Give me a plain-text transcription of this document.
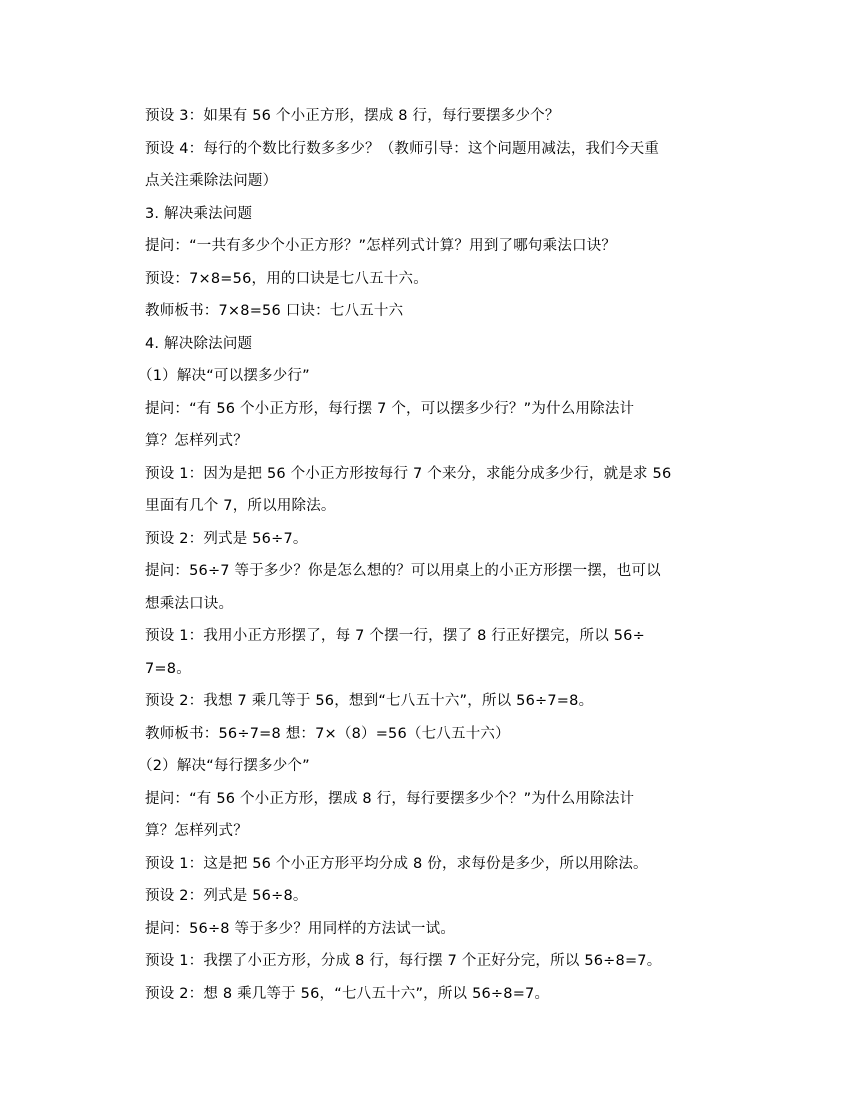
预设 3：如果有 56 个小正方形，摆成 8 行，每行要摆多少个？
预设 4：每行的个数比行数多多少？（教师引导：这个问题用减法，我们今天重
点关注乘除法问题）
3. 解决乘法问题
提问：“一共有多少个小正方形？”怎样列式计算？用到了哪句乘法口诀？
预设：7×8=56，用的口诀是七八五十六。
教师板书：7×8=56 口诀：七八五十六
4. 解决除法问题
（1）解决“可以摆多少行”
提问：“有 56 个小正方形，每行摆 7 个，可以摆多少行？”为什么用除法计
算？怎样列式？
预设 1：因为是把 56 个小正方形按每行 7 个来分，求能分成多少行，就是求 56
里面有几个 7，所以用除法。
预设 2：列式是 56÷7。
提问：56÷7 等于多少？你是怎么想的？可以用桌上的小正方形摆一摆，也可以
想乘法口诀。
预设 1：我用小正方形摆了，每 7 个摆一行，摆了 8 行正好摆完，所以 56÷
7=8。
预设 2：我想 7 乘几等于 56，想到“七八五十六”，所以 56÷7=8。
教师板书：56÷7=8 想：7×（8）=56（七八五十六）
（2）解决“每行摆多少个”
提问：“有 56 个小正方形，摆成 8 行，每行要摆多少个？”为什么用除法计
算？怎样列式？
预设 1：这是把 56 个小正方形平均分成 8 份，求每份是多少，所以用除法。
预设 2：列式是 56÷8。
提问：56÷8 等于多少？用同样的方法试一试。
预设 1：我摆了小正方形，分成 8 行，每行摆 7 个正好分完，所以 56÷8=7。
预设 2：想 8 乘几等于 56，“七八五十六”，所以 56÷8=7。
